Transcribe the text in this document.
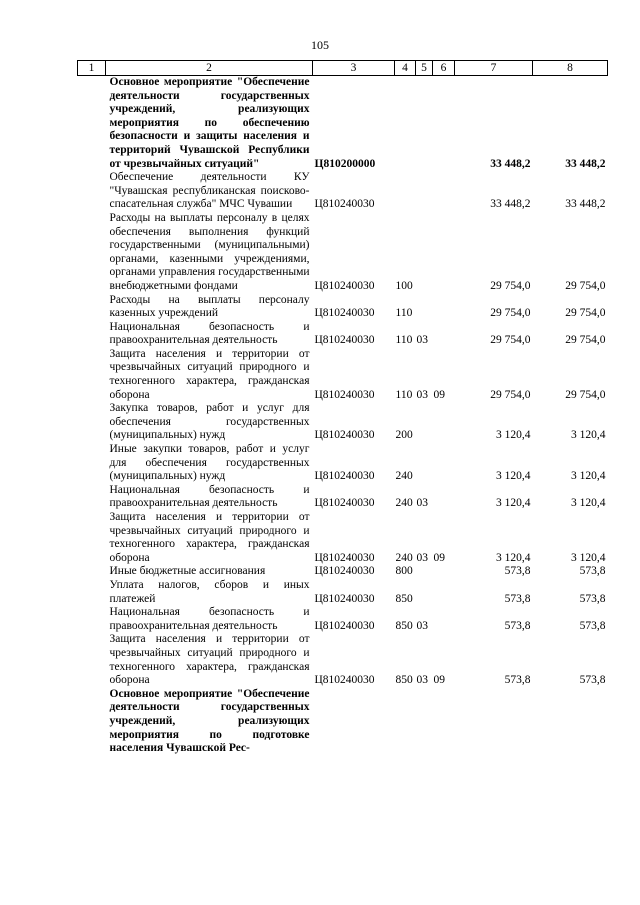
105
1	2	3	4	5	6	7	8
	Основное мероприятие "Обеспечение деятельности государственных учреждений, реализующих мероприятия по обеспечению безопасности и защиты населения и территорий Чувашской Республики от чрезвычайных ситуаций"	Ц810200000				33 448,2	33 448,2
	Обеспечение деятельности КУ "Чувашская республиканская поисково-спасательная служба" МЧС Чувашии	Ц810240030				33 448,2	33 448,2
	Расходы на выплаты персоналу в целях обеспечения выполнения функций государственными (муниципальными) органами, казенными учреждениями, органами управления государственными внебюджетными фондами	Ц810240030	100			29 754,0	29 754,0
	Расходы на выплаты персоналу казенных учреждений	Ц810240030	110			29 754,0	29 754,0
	Национальная безопасность и правоохранительная деятельность	Ц810240030	110	03		29 754,0	29 754,0
	Защита населения и территории от чрезвычайных ситуаций природного и техногенного характера, гражданская оборона	Ц810240030	110	03	09	29 754,0	29 754,0
	Закупка товаров, работ и услуг для обеспечения государственных (муниципальных) нужд	Ц810240030	200			3 120,4	3 120,4
	Иные закупки товаров, работ и услуг для обеспечения государственных (муниципальных) нужд	Ц810240030	240			3 120,4	3 120,4
	Национальная безопасность и правоохранительная деятельность	Ц810240030	240	03		3 120,4	3 120,4
	Защита населения и территории от чрезвычайных ситуаций природного и техногенного характера, гражданская оборона	Ц810240030	240	03	09	3 120,4	3 120,4
	Иные бюджетные ассигнования	Ц810240030	800			573,8	573,8
	Уплата налогов, сборов и иных платежей	Ц810240030	850			573,8	573,8
	Национальная безопасность и правоохранительная деятельность	Ц810240030	850	03		573,8	573,8
	Защита населения и территории от чрезвычайных ситуаций природного и техногенного характера, гражданская оборона	Ц810240030	850	03	09	573,8	573,8
	Основное мероприятие "Обеспечение деятельности государственных учреждений, реализующих мероприятия по подготовке населения Чувашской Рес-						
